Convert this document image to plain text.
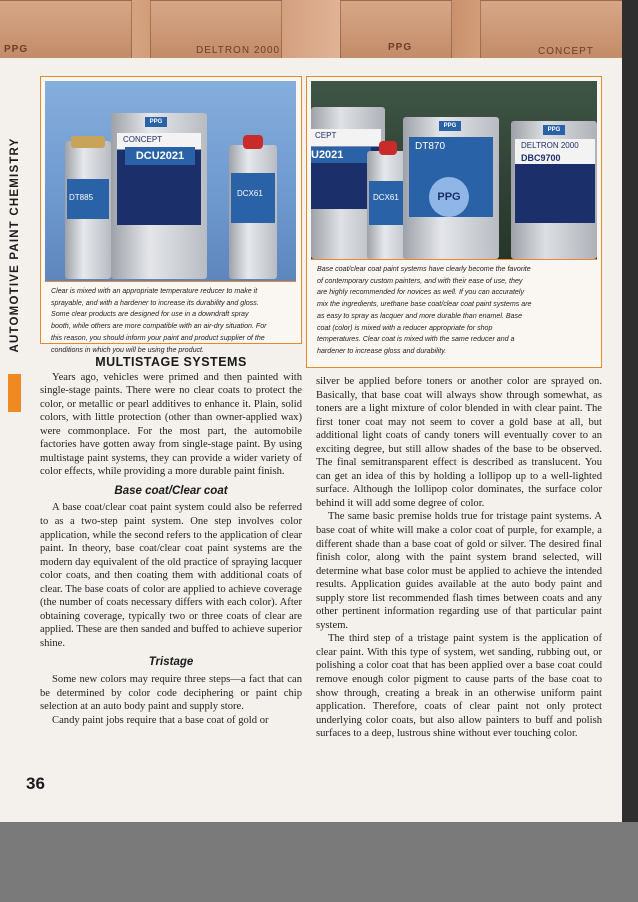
PPG	PPG
DELTRON 2000	CONCEPT
AUTOMOTIVE PAINT CHEMISTRY
PPG
CONCEPT
DCU2021
DT885	DCX61

Clear is mixed with an appropriate temperature reducer to make it

sprayable, and with a hardener to increase its durability and gloss.

Some clear products are designed for use in a downdraft spray

booth, while others are more compatible with an air-dry situation. For

this reason, you should inform your paint and product supplier of the

conditions in which you will be using the product.

CEPT
U2021
DCX61
PPG
DT870
PPG
PPG
DELTRON 2000
DBC9700

Base coat/clear coat paint systems have clearly become the favorite

of contemporary custom painters, and with their ease of use, they

are highly recommended for novices as well. If you can accurately

mix the ingredients, urethane base coat/clear coat paint systems are

as easy to spray as lacquer and more durable than enamel. Base

coat (color) is mixed with a reducer appropriate for shop

temperatures. Clear coat is mixed with the same reducer and a

hardener to increase gloss and durability.

MULTISTAGE SYSTEMS

Years ago, vehicles were primed and then painted with single-stage paints. There were no clear coats to protect the color, or metallic or pearl additives to enhance it. Plain, solid colors, with little protection (other than owner-applied wax) were commonplace. For the most part, the automobile factories have gotten away from single-stage paint. By using multistage paint systems, they can provide a wider variety of color effects, while providing a more durable paint finish.

Base coat/Clear coat

A base coat/clear coat paint system could also be referred to as a two-step paint system. One step involves color application, while the second refers to the application of clear paint. In theory, base coat/clear coat paint systems are the modern day equivalent of the old practice of spraying lacquer color coats, and then coating them with additional coats of clear. The base coats of color are applied to achieve coverage (the number of coats necessary differs with each color). After obtaining coverage, typically two or three coats of clear are applied. These are then sanded and buffed to achieve superior shine.

Tristage

Some new colors may require three steps—a fact that can be determined by color code deciphering or paint chip selection at an auto body paint and supply store.

Candy paint jobs require that a base coat of gold or

silver be applied before toners or another color are sprayed on. Basically, that base coat will always show through somewhat, as toners are a light mixture of color blended in with clear paint. The first toner coat may not seem to cover a gold base at all, but additional light coats of candy toners will eventually cover to an exciting degree, but still allow shades of the base to be observed. The final semitransparent effect is described as translucent. You can get an idea of this by holding a lollipop up to a well-lighted surface. Although the lollipop color dominates, the surface color behind it will add some degree of color.

The same basic premise holds true for tristage paint systems. A base coat of white will make a color coat of purple, for example, a different shade than a base coat of gold or silver. The desired final finish color, along with the paint system brand selected, will determine what base color must be applied to achieve the intended results. Application guides available at the auto body paint and supply store list recommended flash times between coats and any other pertinent information regarding use of that particular paint system.

The third step of a tristage paint system is the application of clear paint. With this type of system, wet sanding, rubbing out, or polishing a color coat that has been applied over a base coat could remove enough color pigment to cause parts of the base coat to show through, creating a break in an otherwise uniform paint application. Therefore, coats of clear paint not only protect underlying color coats, but also allow painters to buff and polish surfaces to a deep, lustrous shine without ever touching color.

36
